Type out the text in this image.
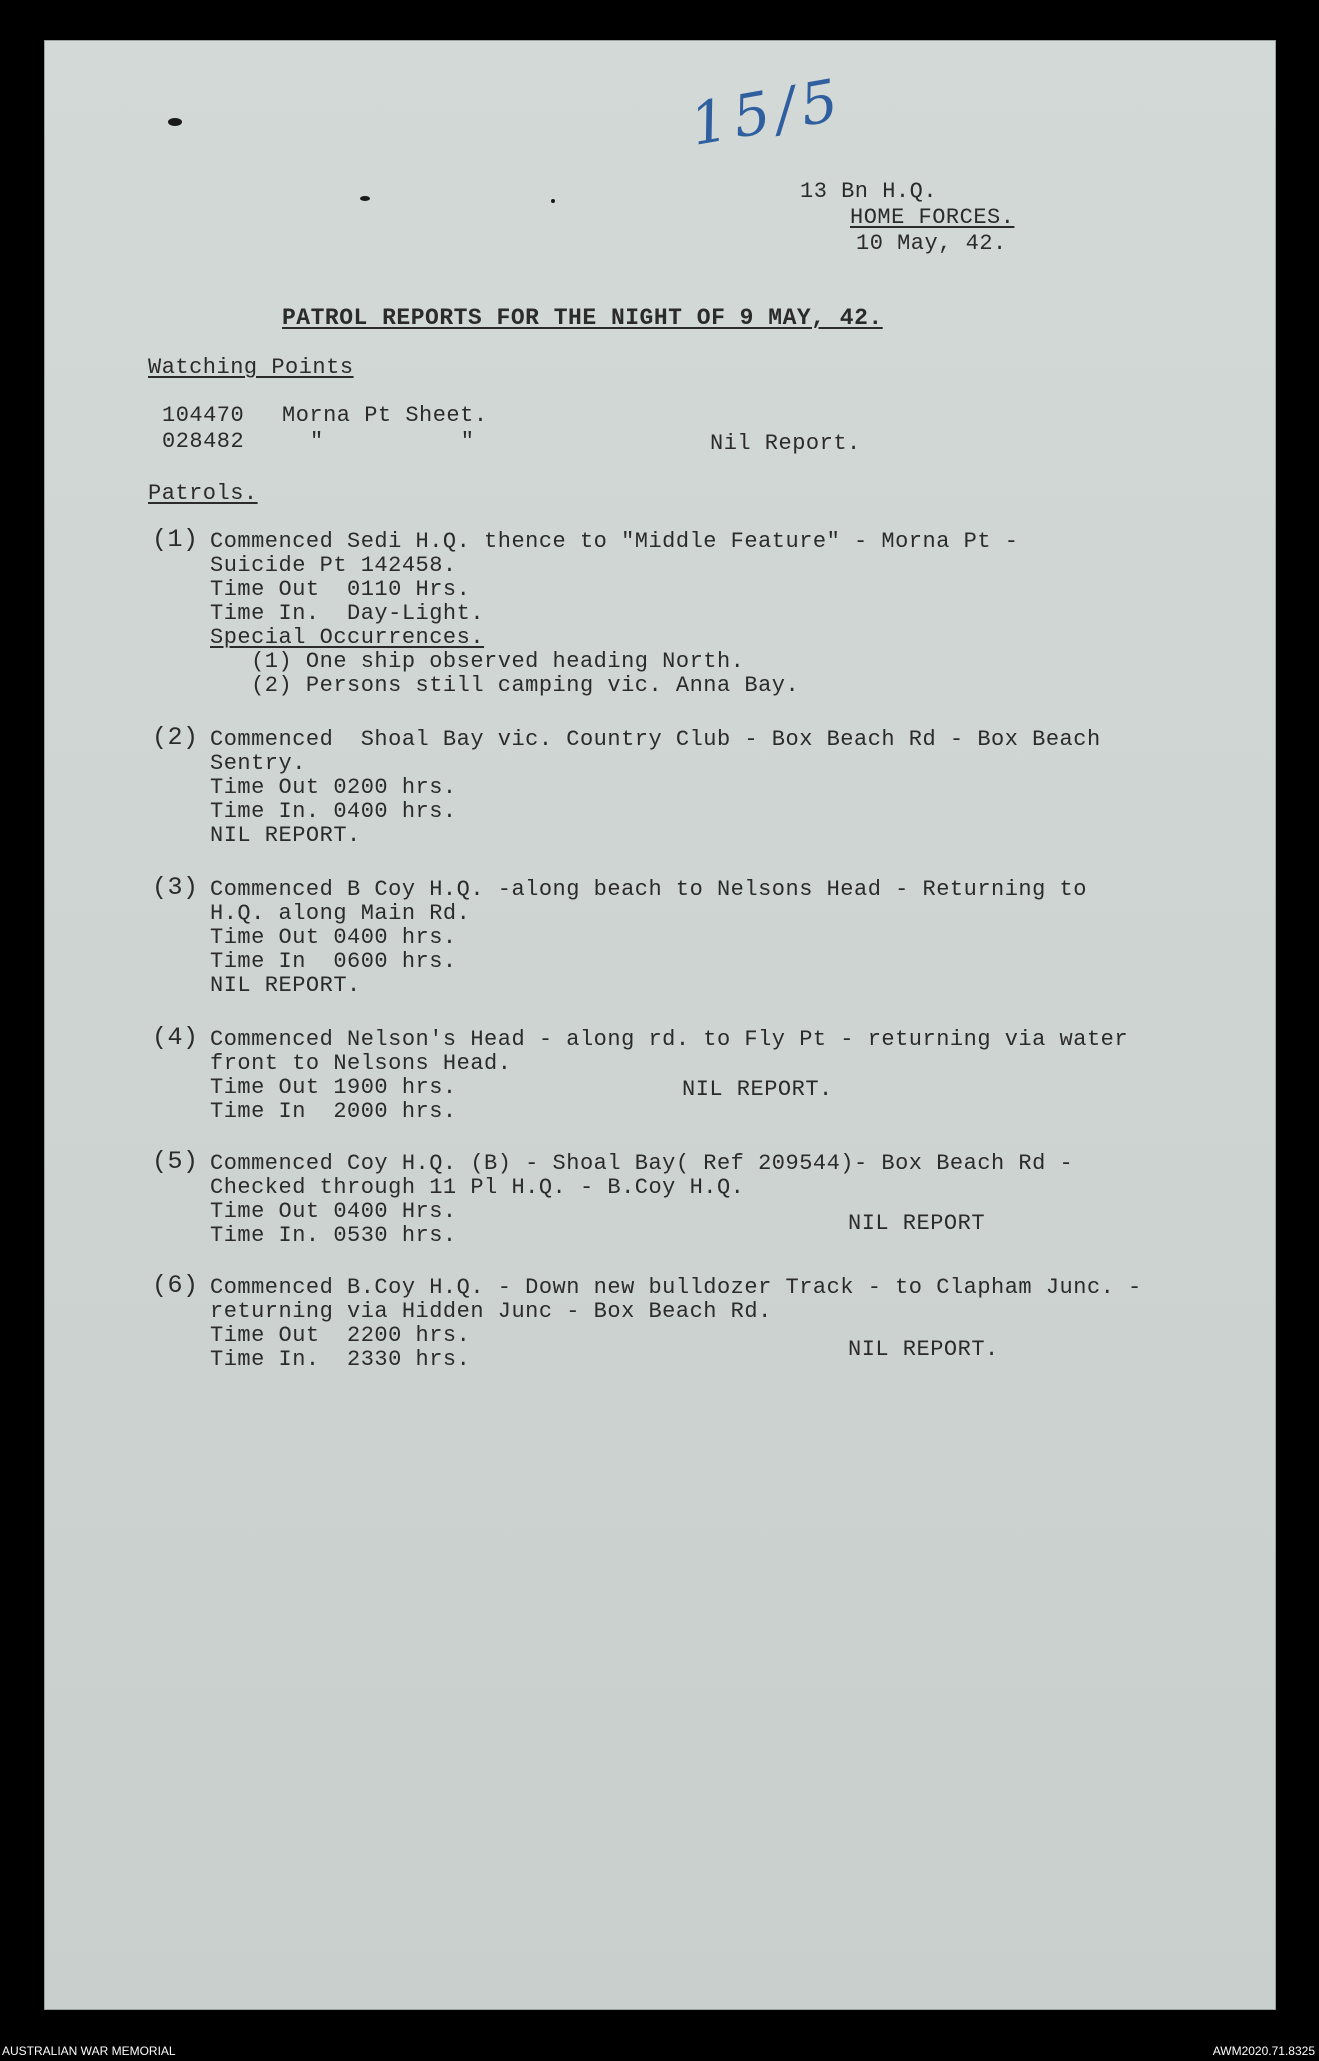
15/5
13 Bn H.Q.
HOME FORCES.
10 May, 42.
PATROL REPORTS FOR THE NIGHT OF 9 MAY, 42.
Watching Points
104470 Morna Pt Sheet.
028482	"          "	Nil Report.
Patrols.
(1) Commenced Sedi H.Q. thence to "Middle Feature" - Morna Pt -
Suicide Pt 142458.
Time Out  0110 Hrs.
Time In.  Day-Light.
Special Occurrences.
(1) One ship observed heading North.
(2) Persons still camping vic. Anna Bay.
(2) Commenced  Shoal Bay vic. Country Club - Box Beach Rd - Box Beach
Sentry.
Time Out 0200 hrs.
Time In. 0400 hrs.
NIL REPORT.
(3) Commenced B Coy H.Q. -along beach to Nelsons Head - Returning to
H.Q. along Main Rd.
Time Out 0400 hrs.
Time In  0600 hrs.
NIL REPORT.
(4) Commenced Nelson's Head - along rd. to Fly Pt - returning via water
front to Nelsons Head.
Time Out 1900 hrs.
Time In  2000 hrs.
NIL REPORT.
(5) Commenced Coy H.Q. (B) - Shoal Bay( Ref 209544)- Box Beach Rd -
Checked through 11 Pl H.Q. - B.Coy H.Q.
Time Out 0400 Hrs.
Time In. 0530 hrs.	NIL REPORT
(6) Commenced B.Coy H.Q. - Down new bulldozer Track - to Clapham Junc. -
returning via Hidden Junc - Box Beach Rd.
Time Out  2200 hrs.
Time In.  2330 hrs.	NIL REPORT.
AUSTRALIAN WAR MEMORIAL	AWM2020.71.8325
